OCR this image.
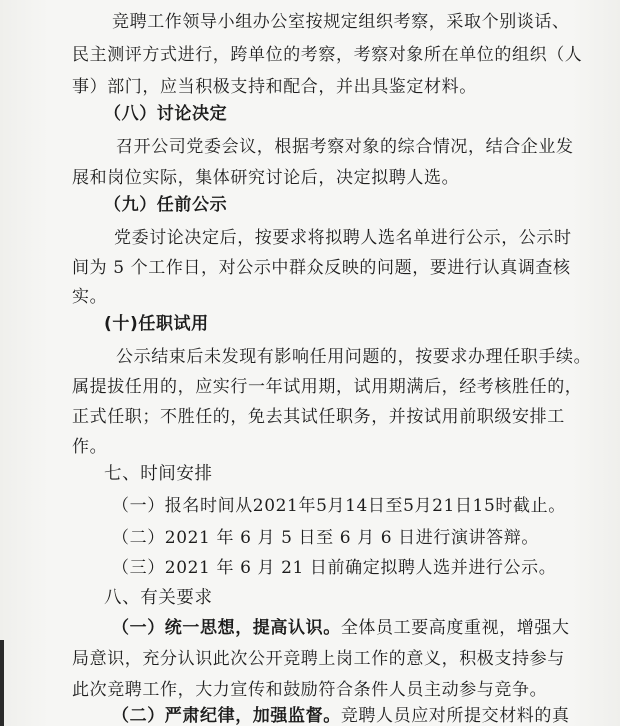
竞聘工作领导小组办公室按规定组织考察，采取个别谈话、
民主测评方式进行，跨单位的考察，考察对象所在单位的组织（人
事）部门，应当积极支持和配合，并出具鉴定材料。
（八）讨论决定
召开公司党委会议，根据考察对象的综合情况，结合企业发
展和岗位实际，集体研究讨论后，决定拟聘人选。
（九）任前公示
党委讨论决定后，按要求将拟聘人选名单进行公示，公示时
间为 5 个工作日，对公示中群众反映的问题，要进行认真调查核
实。
(十)任职试用
公示结束后未发现有影响任用问题的，按要求办理任职手续。
属提拔任用的，应实行一年试用期，试用期满后，经考核胜任的，
正式任职；不胜任的，免去其试任职务，并按试用前职级安排工
作。
七、时间安排
（一）报名时间从2021年5月14日至5月21日15时截止。
（二）2021 年 6 月 5 日至 6 月 6 日进行演讲答辩。
（三）2021 年 6 月 21 日前确定拟聘人选并进行公示。
八、有关要求
（一）统一思想，提高认识。全体员工要高度重视，增强大
局意识，充分认识此次公开竞聘上岗工作的意义，积极支持参与
此次竞聘工作，大力宣传和鼓励符合条件人员主动参与竞争。
（二）严肃纪律，加强监督。竞聘人员应对所提交材料的真
